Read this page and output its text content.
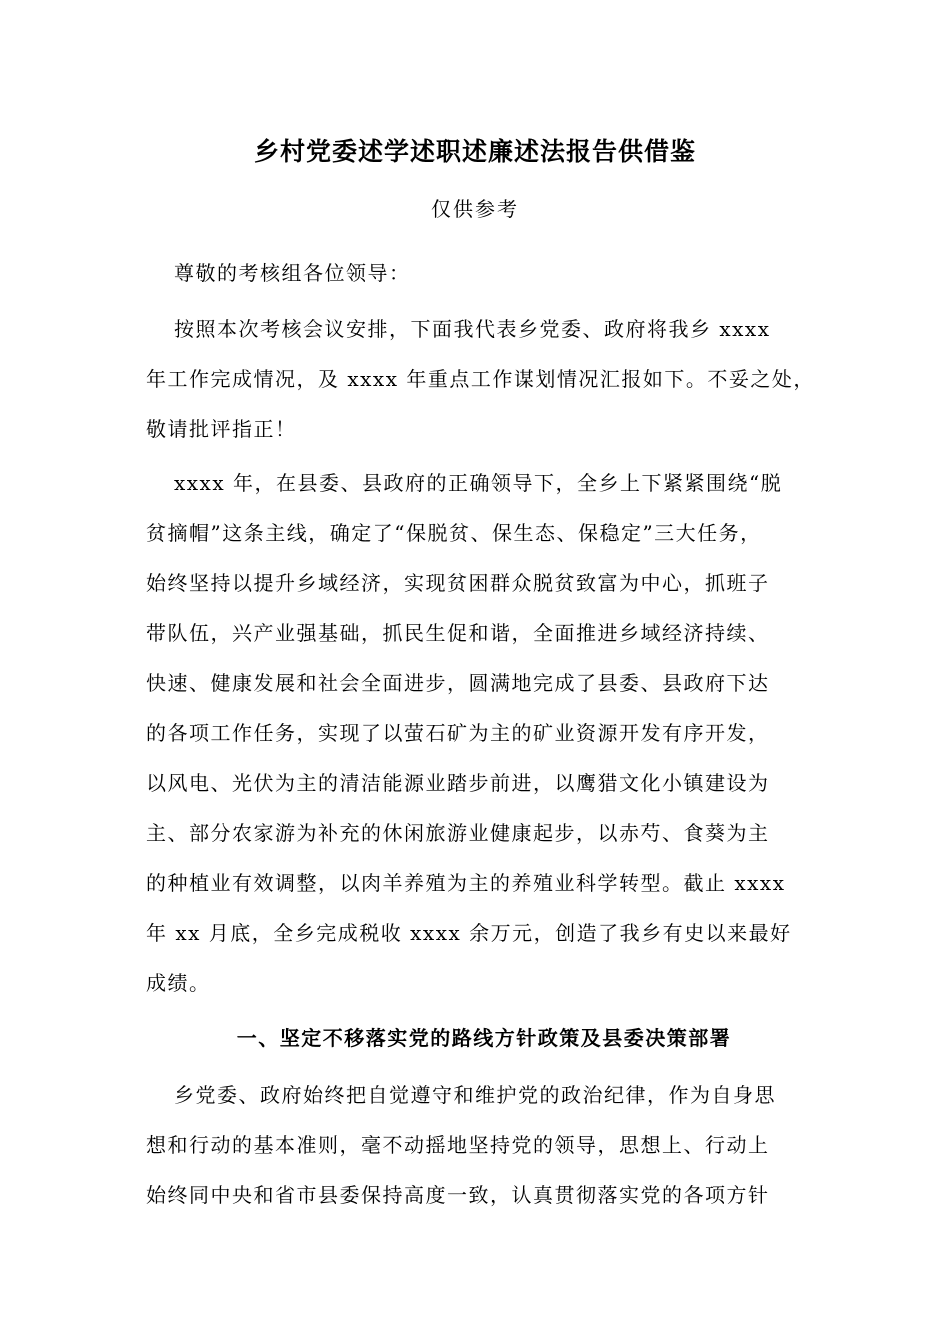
乡村党委述学述职述廉述法报告供借鉴
仅供参考

尊敬的考核组各位领导：

按照本次考核会议安排，下面我代表乡党委、政府将我乡 xxxx
年工作完成情况，及 xxxx 年重点工作谋划情况汇报如下。不妥之处，
敬请批评指正！

xxxx 年，在县委、县政府的正确领导下，全乡上下紧紧围绕“脱
贫摘帽”这条主线，确定了“保脱贫、保生态、保稳定”三大任务，
始终坚持以提升乡域经济，实现贫困群众脱贫致富为中心，抓班子
带队伍，兴产业强基础，抓民生促和谐，全面推进乡域经济持续、
快速、健康发展和社会全面进步，圆满地完成了县委、县政府下达
的各项工作任务，实现了以萤石矿为主的矿业资源开发有序开发，
以风电、光伏为主的清洁能源业踏步前进，以鹰猎文化小镇建设为
主、部分农家游为补充的休闲旅游业健康起步，以赤芍、食葵为主
的种植业有效调整，以肉羊养殖为主的养殖业科学转型。截止 xxxx
年 xx 月底，全乡完成税收 xxxx 余万元，创造了我乡有史以来最好
成绩。

一、坚定不移落实党的路线方针政策及县委决策部署

乡党委、政府始终把自觉遵守和维护党的政治纪律，作为自身思
想和行动的基本准则，毫不动摇地坚持党的领导，思想上、行动上
始终同中央和省市县委保持高度一致，认真贯彻落实党的各项方针
